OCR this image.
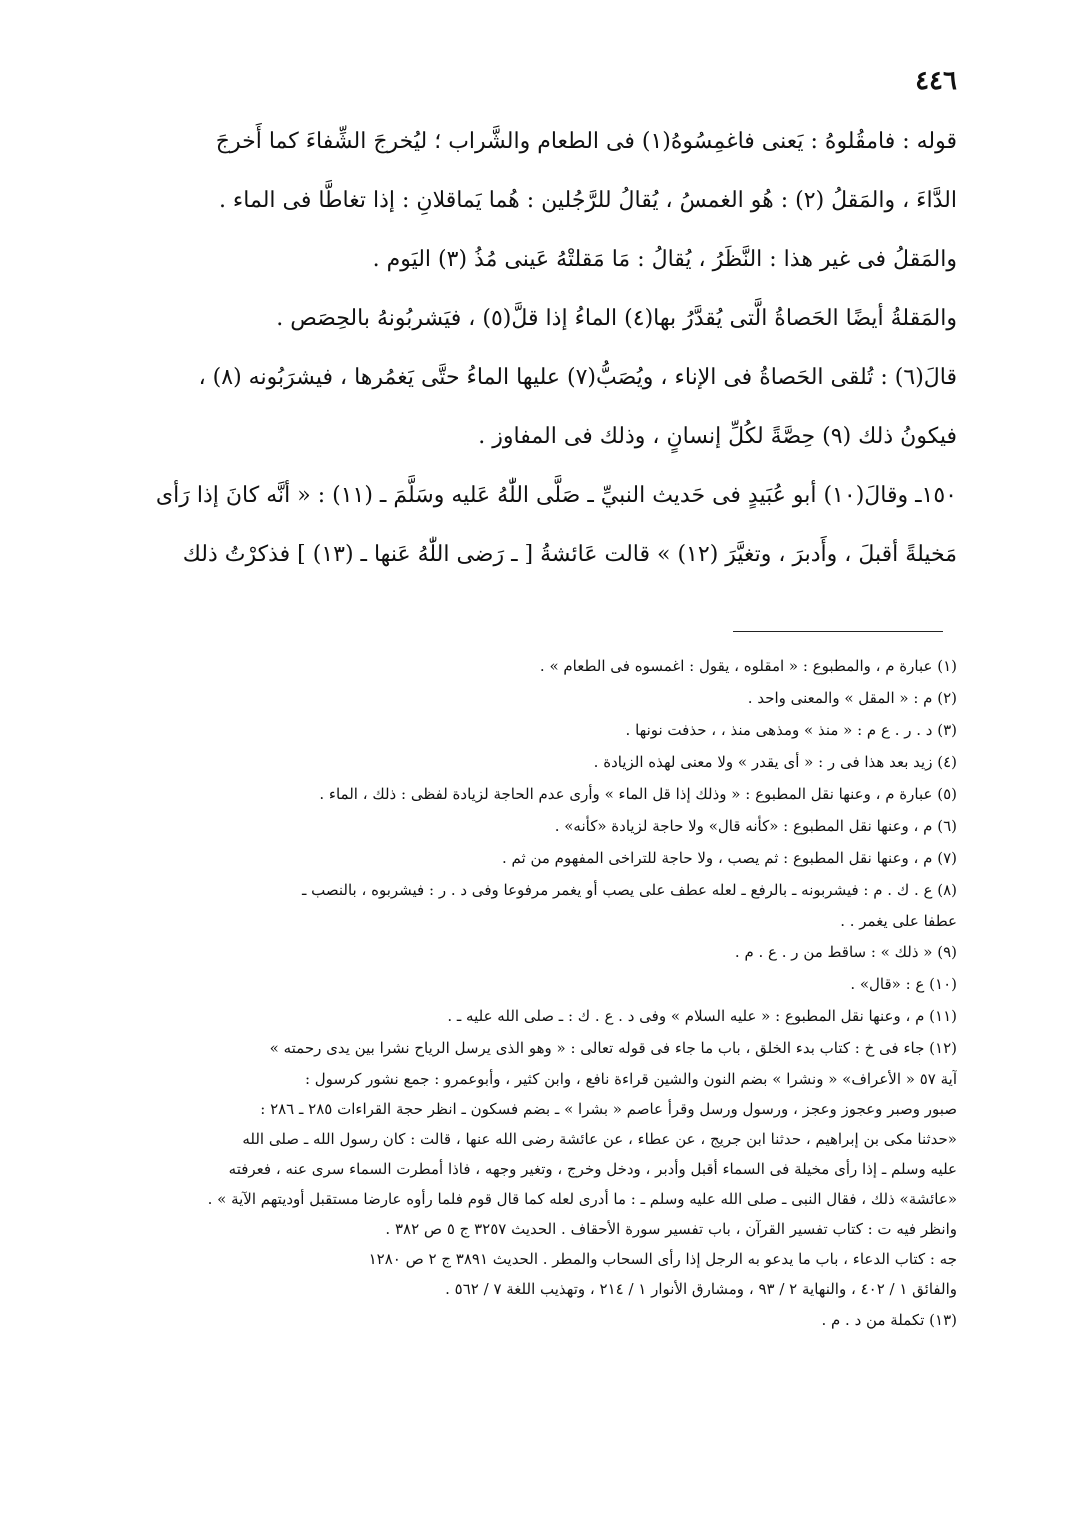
٤٤٦
قوله : فامقُلوهُ : يَعنى فاغمِسُوهُ(١) فى الطعام والشَّراب ؛ ليُخرجَ الشِّفاءَ كما أَخرجَ
الدَّاءَ ، والمَقلُ (٢) : هُو الغمسُ ، يُقالُ للرَّجُلين : هُما يَماقلانِ : إذا تغاطَّا فى الماء .
والمَقلُ فى غير هذا : النَّظَرُ ، يُقالُ : مَا مَقلتْهُ عَينى مُذُ (٣) اليَوم .
والمَقلةُ أيضًا الحَصاةُ الَّتى يُقدَّرُ بها(٤) الماءُ إذا قلَّ(٥) ، فيَشربُونهُ بالحِصَص .
قالَ(٦) : تُلقى الحَصاةُ فى الإناء ، ويُصَبُّ(٧) عليها الماءُ حتَّى يَغمُرها ، فيشرَبُونه (٨) ،
فيكونُ ذلك (٩) حِصَّةً لكُلِّ إنسانٍ ، وذلك فى المفاوز .
١٥٠ـ وقالَ(١٠) أبو عُبَيدٍ فى حَديث النبيِّ ـ صَلَّى اللّٰهُ عَليه وسَلَّمَ ـ (١١) : « أنَّه كانَ إذا رَأى
مَخيلةً أقبلَ ، وأَدبرَ ، وتغيَّرَ (١٢) » قالت عَائشةُ [ ـ رَضى اللّٰهُ عَنها ـ (١٣) ] فذكرْتُ ذلك
(١) عبارة م ، والمطبوع : « امقلوه ، يقول : اغمسوه فى الطعام » .
(٢) م : « المقل » والمعنى واحد .
(٣) د . ر . ع م : « منذ » ومذهى منذ ، ، حذفت نونها .
(٤) زيد بعد هذا فى ر : « أى يقدر » ولا معنى لهذه الزيادة .
(٥) عبارة م ، وعنها نقل المطبوع : « وذلك إذا قل الماء » وأرى عدم الحاجة لزيادة لفظى : ذلك ، الماء .
(٦) م ، وعنها نقل المطبوع : «كأنه قال» ولا حاجة لزيادة «كأنه» .
(٧) م ، وعنها نقل المطبوع : ثم يصب ، ولا حاجة للتراخى المفهوم من ثم .
(٨) ع . ك . م : فيشربونه ـ بالرفع ـ لعله عطف على يصب أو يغمر مرفوعا وفى د . ر : فيشربوه ، بالنصب ـ
عطفا على يغمر . .
(٩) « ذلك » : ساقط من ر . ع . م .
(١٠) ع : «قال» .
(١١) م ، وعنها نقل المطبوع : « عليه السلام » وفى د . ع . ك : ـ صلى الله عليه ـ .
(١٢) جاء فى خ : كتاب بدء الخلق ، باب ما جاء فى قوله تعالى : « وهو الذى يرسل الرياح نشرا بين يدى رحمته »
آية ٥٧ « الأعراف» « ونشرا » بضم النون والشين قراءة نافع ، وابن كثير ، وأبوعمرو : جمع نشور كرسول :
صبور وصبر وعجوز وعجز ، ورسول ورسل وقرأ عاصم « بشرا » ـ بضم فسكون ـ انظر حجة القراءات ٢٨٥ ـ ٢٨٦ :
«حدثنا مكى بن إبراهيم ، حدثنا ابن جريج ، عن عطاء ، عن عائشة رضى الله عنها ، قالت : كان رسول الله ـ صلى الله
عليه وسلم ـ إذا رأى مخيلة فى السماء أقبل وأدبر ، ودخل وخرج ، وتغير وجهه ، فاذا أمطرت السماء سرى عنه ، فعرفته
«عائشة» ذلك ، فقال النبى ـ صلى الله عليه وسلم ـ : ما أدرى لعله كما قال قوم فلما رأوه عارضا مستقبل أوديتهم الآية » .
وانظر فيه ت : كتاب تفسير القرآن ، باب تفسير سورة الأحقاف . الحديث ٣٢٥٧ ج ٥ ص ٣٨٢ .
جه : كتاب الدعاء ، باب ما يدعو به الرجل إذا رأى السحاب والمطر . الحديث ٣٨٩١ ج ٢ ص ١٢٨٠
والفائق ١ / ٤٠٢ ، والنهاية ٢ / ٩٣ ، ومشارق الأنوار ١ / ٢١٤ ، وتهذيب اللغة ٧ / ٥٦٢ .
(١٣) تكملة من د . م .
